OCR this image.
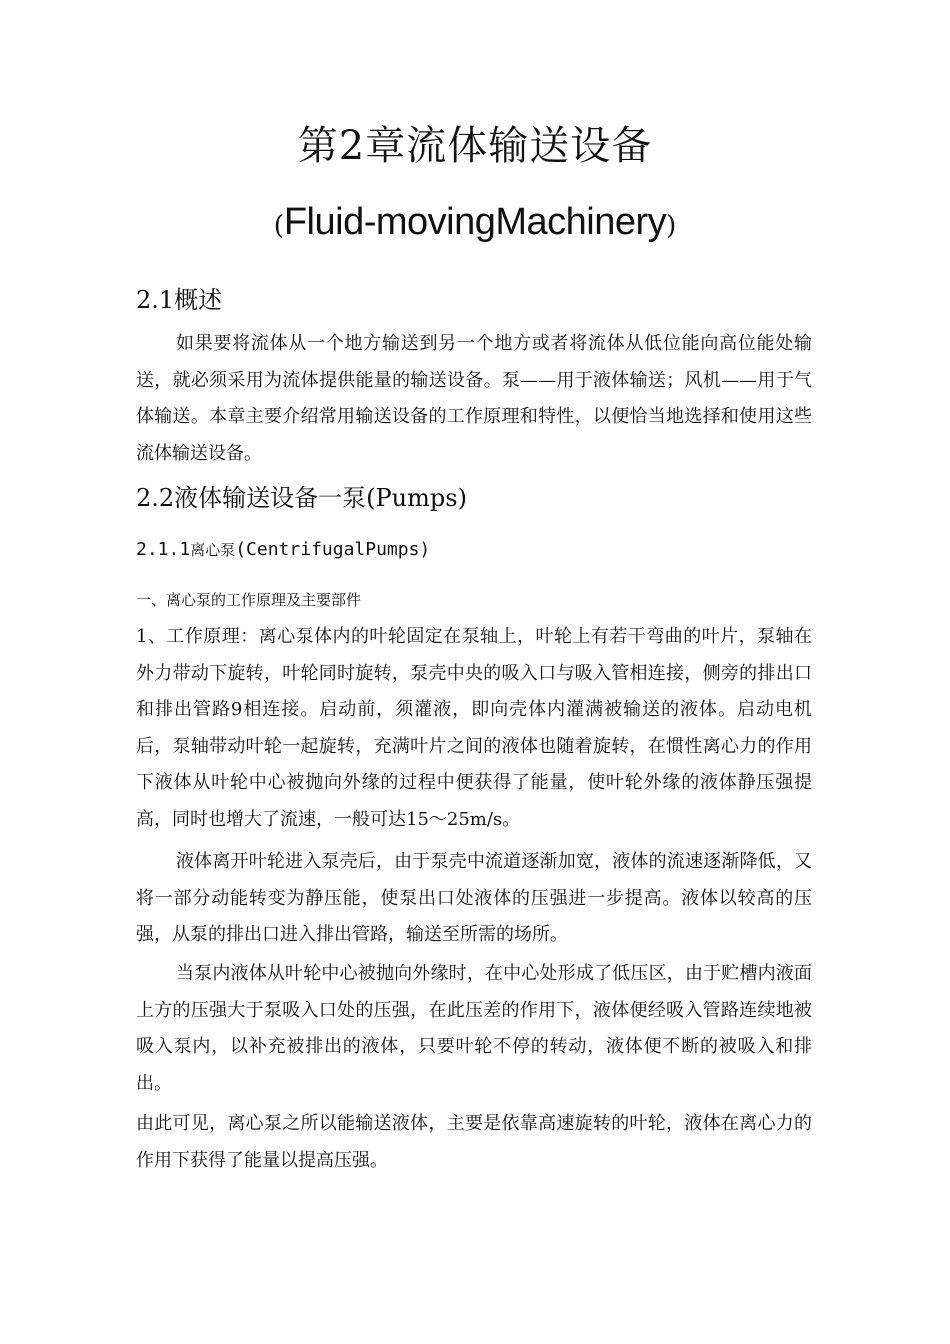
第2章流体输送设备
(Fluid-movingMachinery)
2.1概述

如果要将流体从一个地方输送到另一个地方或者将流体从低位能向高位能处输送，就必须采用为流体提供能量的输送设备。泵——用于液体输送；风机——用于气体输送。本章主要介绍常用输送设备的工作原理和特性，以便恰当地选择和使用这些流体输送设备。

2.2液体输送设备一泵(Pumps)
2.1.1离心泵(CentrifugalPumps)
一、离心泵的工作原理及主要部件

1、工作原理：离心泵体内的叶轮固定在泵轴上，叶轮上有若干弯曲的叶片，泵轴在外力带动下旋转，叶轮同时旋转，泵壳中央的吸入口与吸入管相连接，侧旁的排出口和排出管路9相连接。启动前，须灌液，即向壳体内灌满被输送的液体。启动电机后，泵轴带动叶轮一起旋转，充满叶片之间的液体也随着旋转，在惯性离心力的作用下液体从叶轮中心被抛向外缘的过程中便获得了能量，使叶轮外缘的液体静压强提高，同时也增大了流速，一般可达15〜25m/s。

液体离开叶轮进入泵壳后，由于泵壳中流道逐渐加宽，液体的流速逐渐降低，又将一部分动能转变为静压能，使泵出口处液体的压强进一步提高。液体以较高的压强，从泵的排出口进入排出管路，输送至所需的场所。

当泵内液体从叶轮中心被抛向外缘时，在中心处形成了低压区，由于贮槽内液面上方的压强大于泵吸入口处的压强，在此压差的作用下，液体便经吸入管路连续地被吸入泵内，以补充被排出的液体，只要叶轮不停的转动，液体便不断的被吸入和排出。

由此可见，离心泵之所以能输送液体，主要是依靠高速旋转的叶轮，液体在离心力的作用下获得了能量以提高压强。
